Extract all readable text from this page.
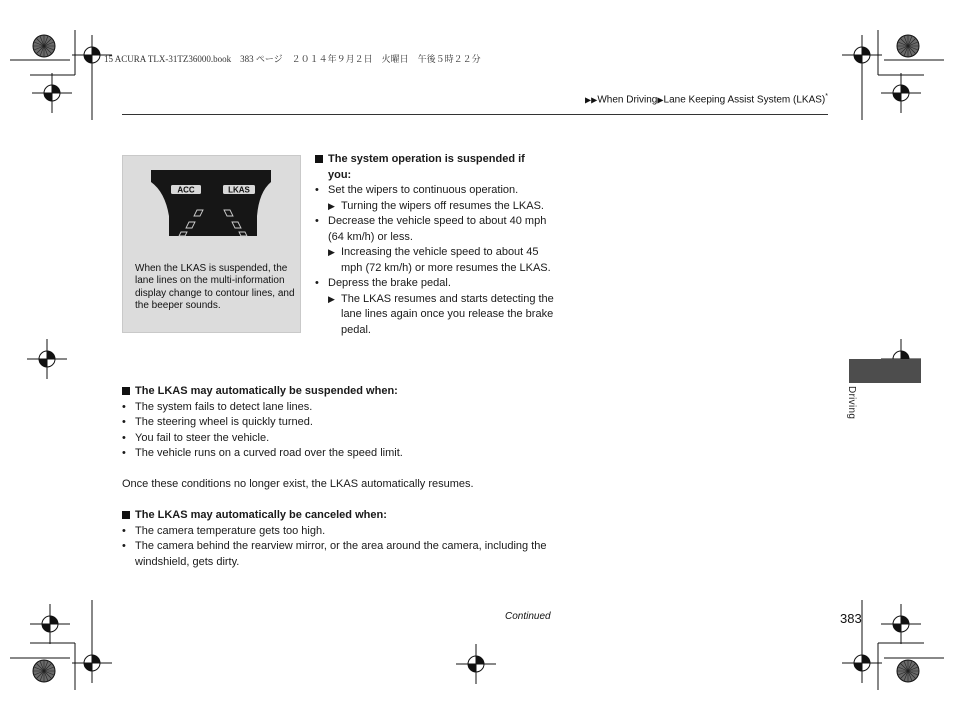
15 ACURA TLX-31TZ36000.book　383 ページ　２０１４年９月２日　火曜日　午後５時２２分
▶▶When Driving▶Lane Keeping Assist System (LKAS)*
ACC	LKAS
When the LKAS is suspended, the lane lines on the multi-information display change to contour lines, and the beeper sounds.
The system operation is suspended if
you:
• Set the wipers to continuous operation.
▶ Turning the wipers off resumes the LKAS.
• Decrease the vehicle speed to about 40 mph (64 km/h) or less.
▶ Increasing the vehicle speed to about 45 mph (72 km/h) or more resumes the LKAS.
• Depress the brake pedal.
▶ The LKAS resumes and starts detecting the lane lines again once you release the brake pedal.
The LKAS may automatically be suspended when:
• The system fails to detect lane lines.
• The steering wheel is quickly turned.
• You fail to steer the vehicle.
• The vehicle runs on a curved road over the speed limit.
Once these conditions no longer exist, the LKAS automatically resumes.
The LKAS may automatically be canceled when:
• The camera temperature gets too high.
• The camera behind the rearview mirror, or the area around the camera, including the windshield, gets dirty.
Driving
Continued	383
